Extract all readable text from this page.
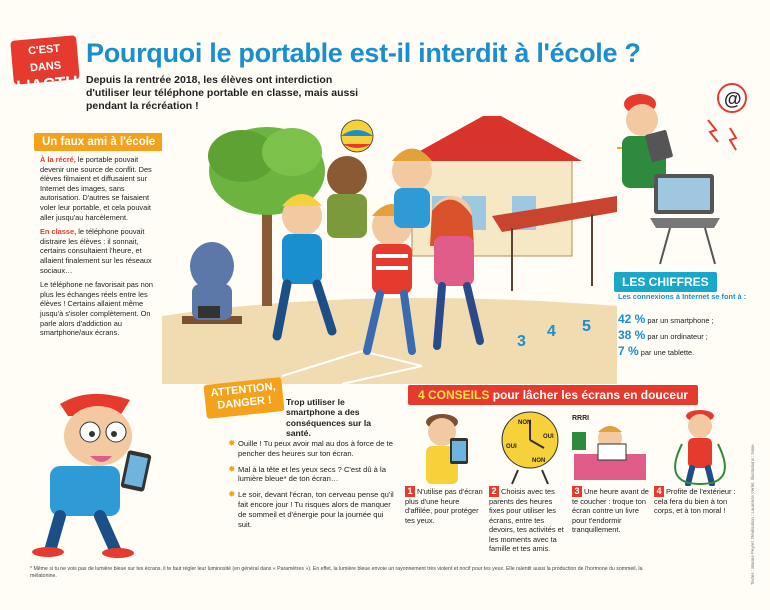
C'EST DANS
L'ACTU
Pourquoi le portable est-il interdit à l'école ?
Depuis la rentrée 2018, les élèves ont interdiction d'utiliser leur téléphone portable en classe, mais aussi pendant la récréation !
Un faux ami à l'école

À la récré, le portable pouvait devenir une source de conflit. Des élèves filmaient et diffusaient sur Internet des images, sans autorisation. D'autres se faisaient voler leur portable, et cela pouvait aller jusqu'au harcèlement.

En classe, le téléphone pouvait distraire les élèves : il sonnait, certains consultaient l'heure, et allaient finalement sur les réseaux sociaux…

Le téléphone ne favorisait pas non plus les échanges réels entre les élèves ! Certains allaient même jusqu'à s'isoler complètement. On parle alors d'addiction au smartphone/aux écrans.

3
4 5
@
LES CHIFFRES
Les connexions à Internet se font à :
42 % par un smartphone ;
38 % par un ordinateur ;
7 % par une tablette.
ATTENTION,
DANGER !	Trop utiliser le smartphone a des conséquences sur la santé.

✸ Ouille ! Tu peux avoir mal au dos à force de te pencher des heures sur ton écran.

✸ Mal à la tête et les yeux secs ? C'est dû à la lumière bleue* de ton écran…

✸ Le soir, devant l'écran, ton cerveau pense qu'il fait encore jour ! Tu risques alors de manquer de sommeil et d'énergie pour la journée qui suit.

4 CONSEILS pour lâcher les écrans en douceur
NON
OUI
NON
OUI
RRRI
1 N'utilise pas d'écran plus d'une heure d'affilée, pour protéger tes yeux.
2 Choisis avec tes parents des heures fixes pour utiliser les écrans, entre tes devoirs, tes activités et les moments avec ta famille et tes amis.
3 Une heure avant de te coucher : troque ton écran contre un livre pour t'endormir tranquillement.
4 Profite de l'extérieur : cela fera du bien à ton corps, et à ton moral !
* Même si tu ne vois pas de lumière bleue sur tes écrans, il te faut régler leur luminosité (en général dans « Paramètres »). En effet, la lumière bleue envoie un rayonnement très violent et nocif pour tes yeux. Elle ralentit aussi la production de l'hormone du sommeil, la mélatonine.	Textes : Marine Peyret. Réalisation : Laurence Verlet. Illustrations : Ninie.
